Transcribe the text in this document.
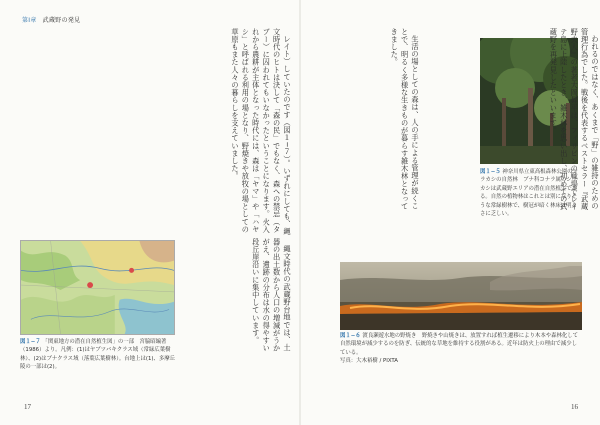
第Ⅰ章 武蔵野の発見

レイト）していたのです（図１−７）。いずれにしても、縄文時代のヒトは決して「森の民」でもなく、森への禁忌（タブー）に囚われてもいなかったということになります。火入れから農耕が主体となった時代には、森は「ヤマ」や「ハヤシ」と呼ばれる利用の場となり、野焼きや放牧の場としての草原もまた人々の暮らしを支えていました。

縄文時代の武蔵野台地では、土器の出土数から人口の増減がうかがえ、遺跡の分布は水の得やすい段丘崖沿いに集中しています。

図１−７ 「関東地方の潜在自然植生図」の一部　宮脇昭編著（1986）より。凡例：(1)はヤブツバキクラス域（常緑広葉樹林）、(2)はブナクラス域（落葉広葉樹林）。台地上は(1)、多摩丘陵の一部は(2)。
17

生活の場としての森は、人の手による管理が続くことで、明るく多様な生きものが暮らす雑木林となってきました。

図１−５ 神奈川県立東高根森林公園のシラカシの自然林　ブナ科コナラ属のシラカシは武蔵野エリアの潜在自然植生である。自然の植物林はこれとは別になりそうな常緑樹林で、樹冠が暗く林床は明るさに乏しい。

われるのではなく、あくまで「野」の雑持のための管理行為でした。戦後を代表するベストセラー『武蔵野夫人』の著者大岡昇平は、フィリピンの戦場でレイテ島に上陸したとき、雑木林を思い出し、初めての武蔵野を再発見したといいます。

図１−６ 渡良瀬遊水地の野焼き　野焼きや山焼きは、放置すれば植生遷移により木本や森林化して自然環境が減少するのを防ぎ、伝統的な草地を維持する役割がある。近年は防火上の理由で減少している。
写真：大木裕樹 / PIXTA
16
